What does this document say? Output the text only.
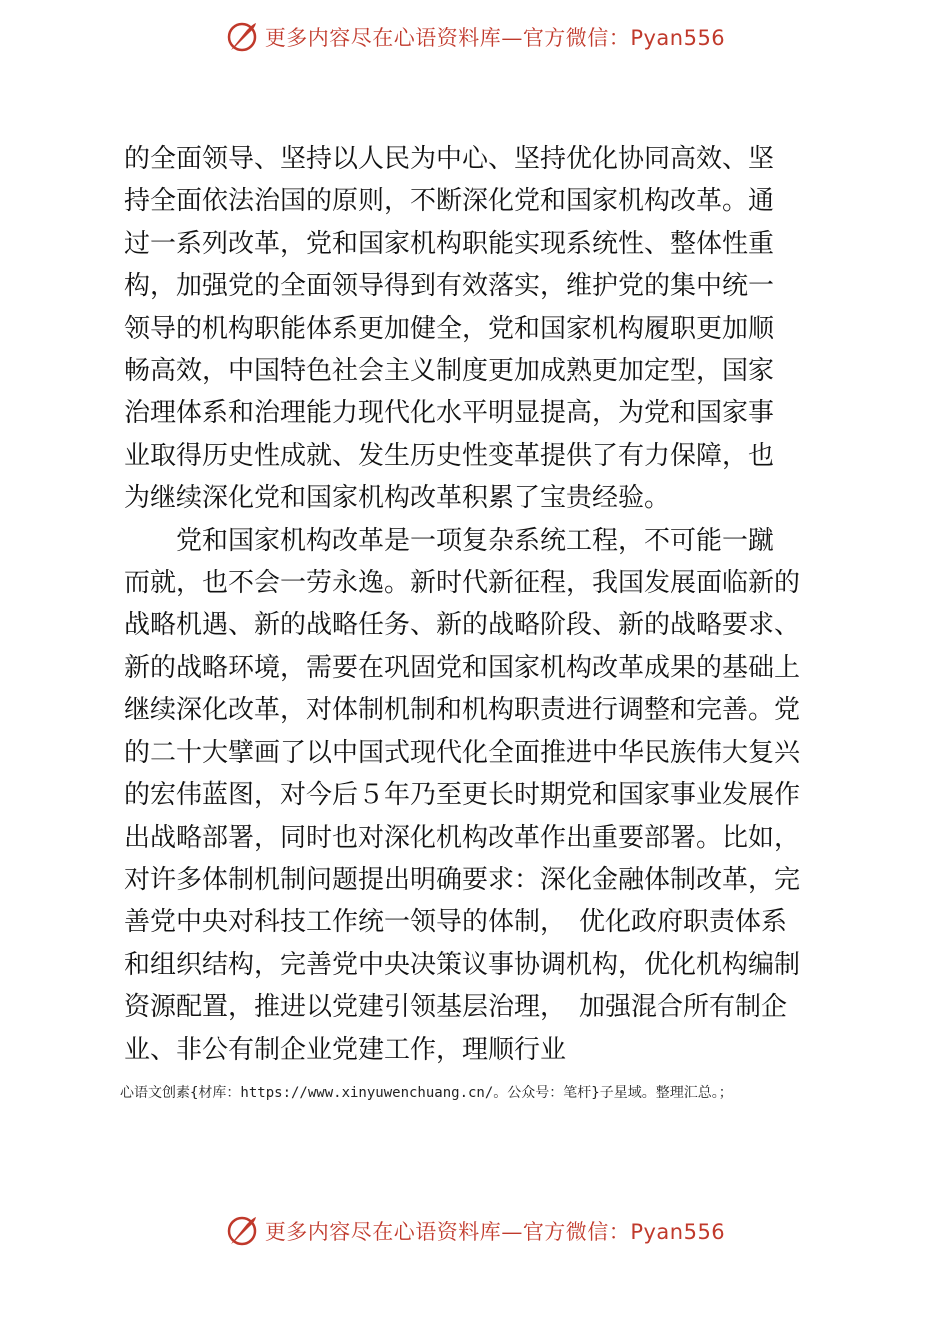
更多内容尽在心语资料库—官方微信：Pyan556

的全面领导、坚持以人民为中心、坚持优化协同高效、坚
持全面依法治国的原则，不断深化党和国家机构改革。通
过一系列改革，党和国家机构职能实现系统性、整体性重
构，加强党的全面领导得到有效落实，维护党的集中统一
领导的机构职能体系更加健全，党和国家机构履职更加顺
畅高效，中国特色社会主义制度更加成熟更加定型，国家
治理体系和治理能力现代化水平明显提高，为党和国家事
业取得历史性成就、发生历史性变革提供了有力保障，也
为继续深化党和国家机构改革积累了宝贵经验。

党和国家机构改革是一项复杂系统工程，不可能一蹴
而就，也不会一劳永逸。新时代新征程，我国发展面临新的
战略机遇、新的战略任务、新的战略阶段、新的战略要求、
新的战略环境，需要在巩固党和国家机构改革成果的基础上
继续深化改革，对体制机制和机构职责进行调整和完善。党
的二十大擘画了以中国式现代化全面推进中华民族伟大复兴
的宏伟蓝图，对今后５年乃至更长时期党和国家事业发展作
出战略部署，同时也对深化机构改革作出重要部署。比如，
对许多体制机制问题提出明确要求：深化金融体制改革，完
善党中央对科技工作统一领导的体制，　优化政府职责体系
和组织结构，完善党中央决策议事协调机构，优化机构编制
资源配置，推进以党建引领基层治理，　加强混合所有制企
业、非公有制企业党建工作，理顺行业

心语文创素{材库：https://www.xinyuwenchuang.cn/。公众号：笔杆}子星域。整理汇总。；
更多内容尽在心语资料库—官方微信：Pyan556
